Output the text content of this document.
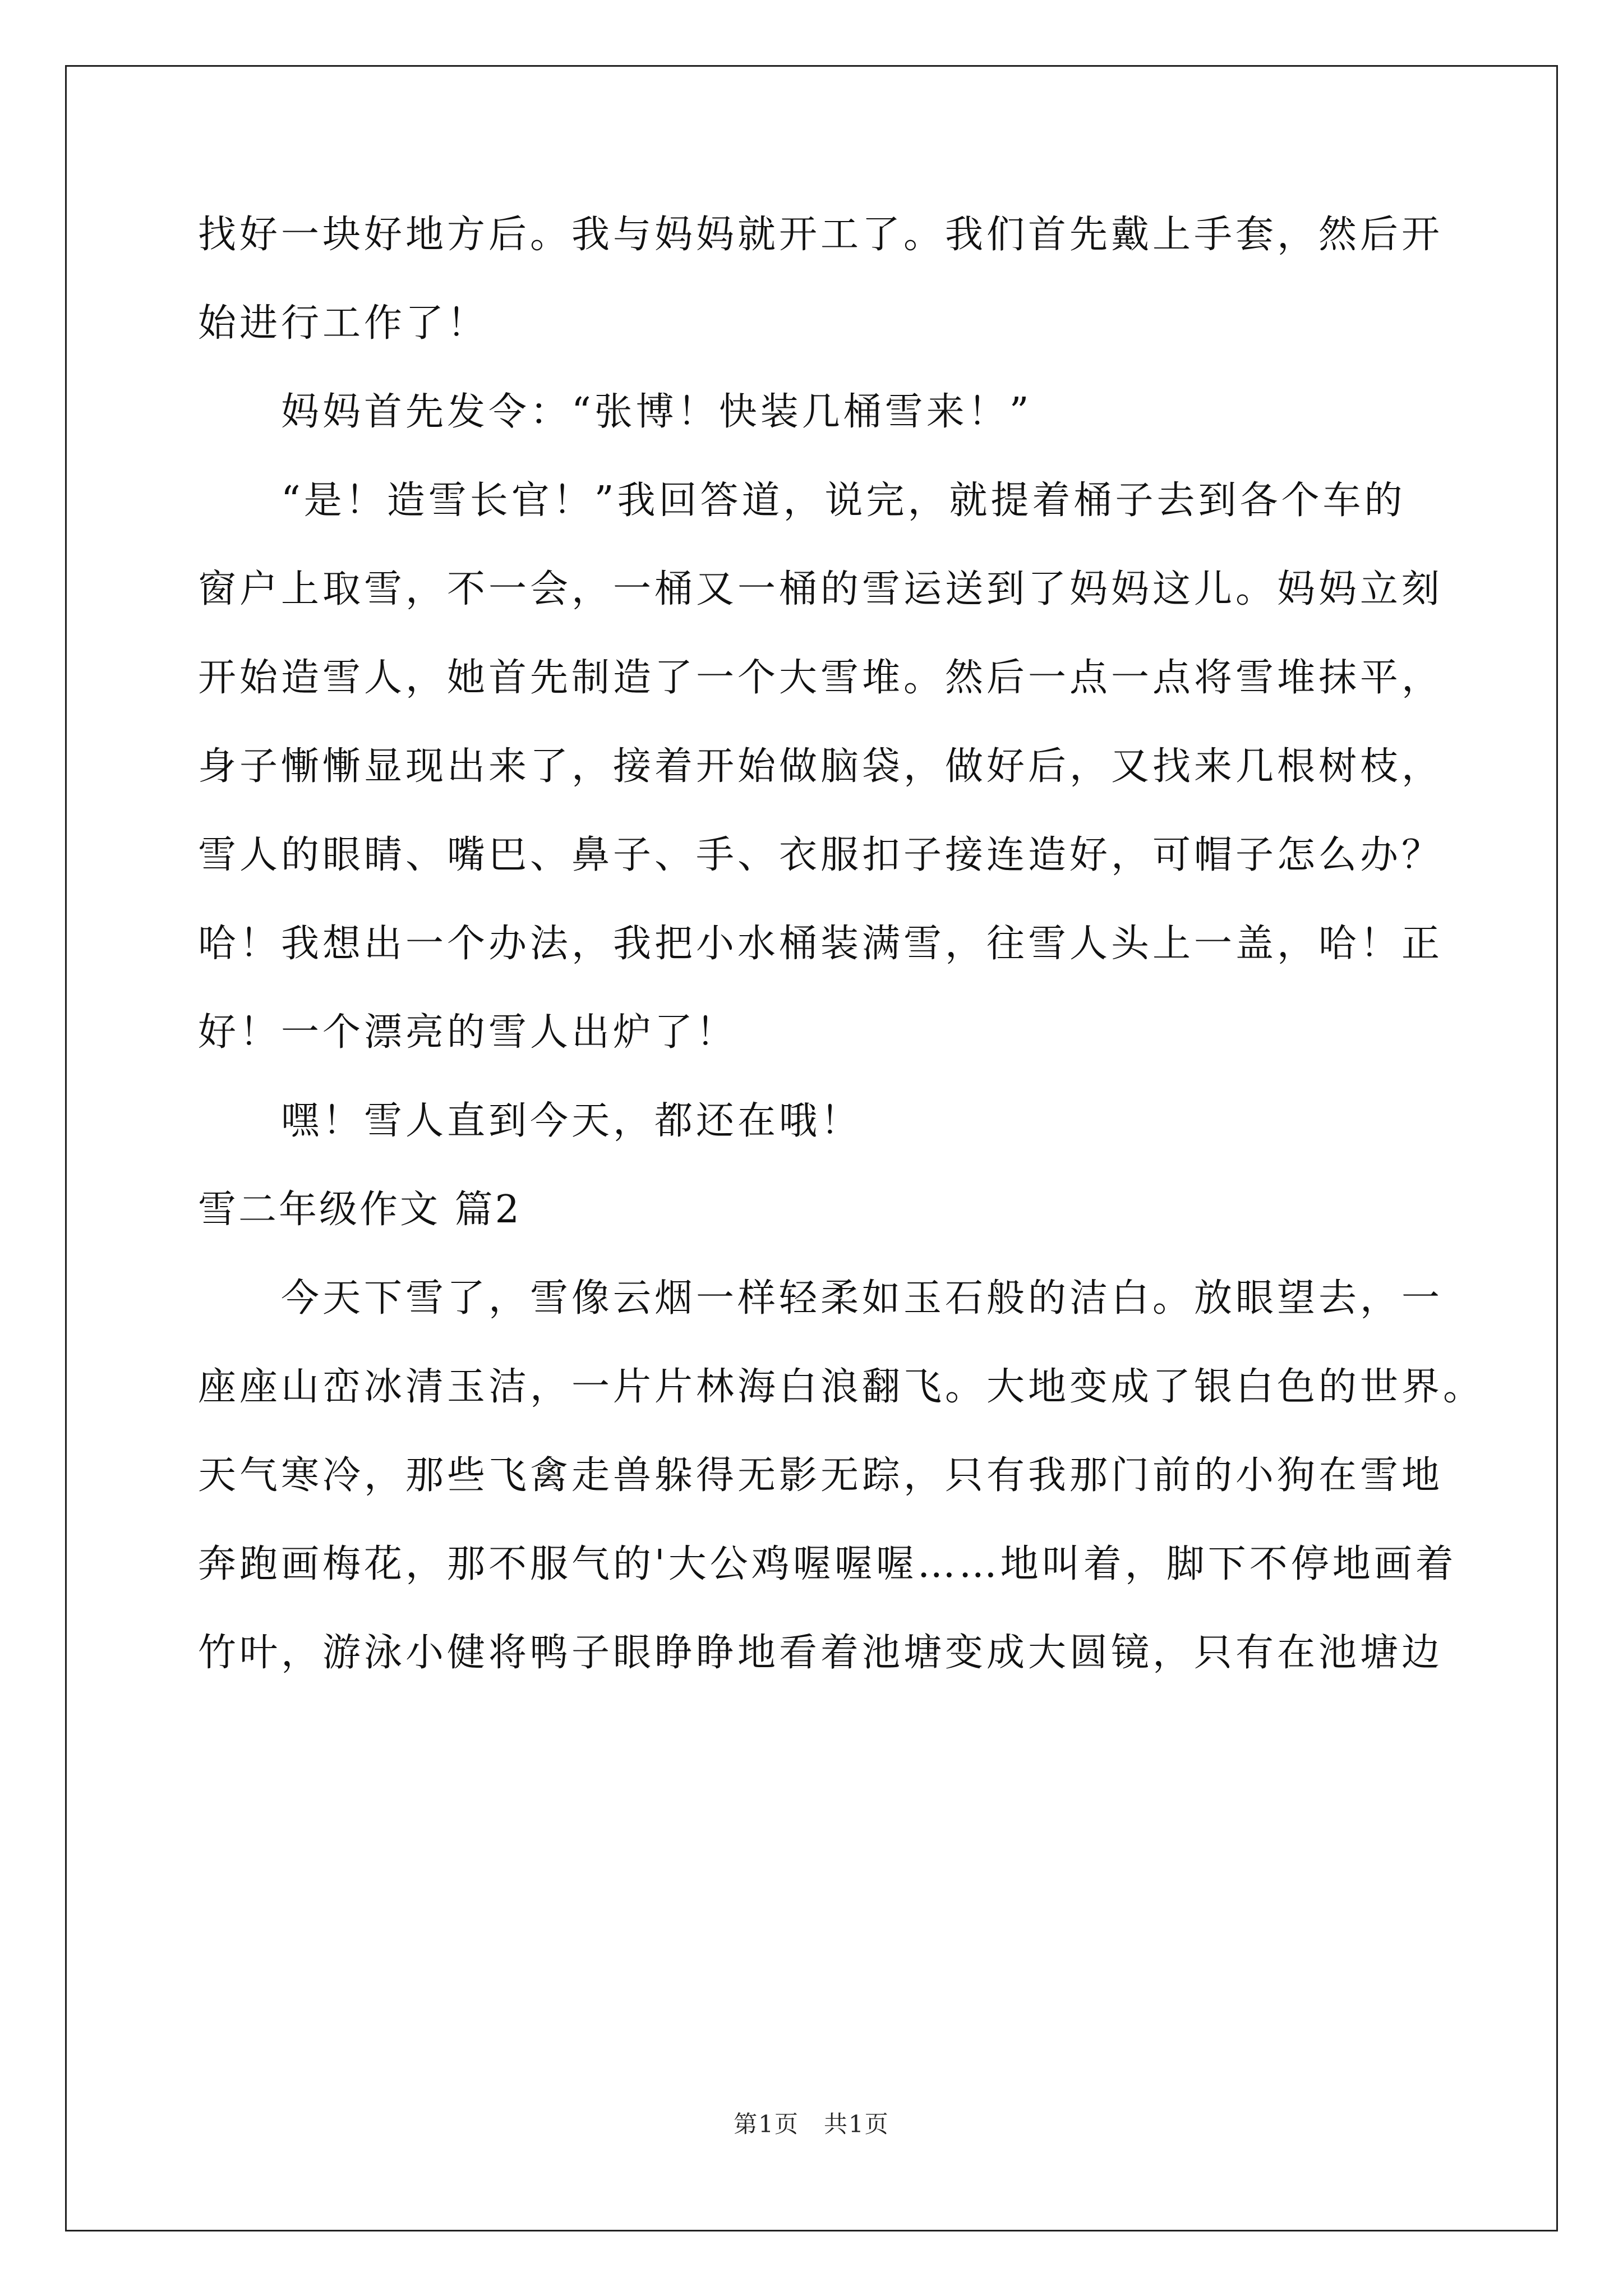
找好一块好地方后。我与妈妈就开工了。我们首先戴上手套，然后开
始进行工作了！
妈妈首先发令：“张博！快装几桶雪来！”
“是！造雪长官！”我回答道，说完，就提着桶子去到各个车的
窗户上取雪，不一会，一桶又一桶的雪运送到了妈妈这儿。妈妈立刻
开始造雪人，她首先制造了一个大雪堆。然后一点一点将雪堆抹平，
身子慚慚显现出来了，接着开始做脑袋，做好后，又找来几根树枝，
雪人的眼睛、嘴巴、鼻子、手、衣服扣子接连造好，可帽子怎么办？
哈！我想出一个办法，我把小水桶装满雪，往雪人头上一盖，哈！正
好！一个漂亮的雪人出炉了！
嘿！雪人直到今天，都还在哦！
雪二年级作文 篇2
今天下雪了，雪像云烟一样轻柔如玉石般的洁白。放眼望去，一
座座山峦冰清玉洁，一片片林海白浪翻飞。大地变成了银白色的世界。
天气寒冷，那些飞禽走兽躲得无影无踪，只有我那门前的小狗在雪地
奔跑画梅花，那不服气的'大公鸡喔喔喔……地叫着，脚下不停地画着
竹叶，游泳小健将鸭子眼睁睁地看着池塘变成大圆镜，只有在池塘边
第1页　共1页
